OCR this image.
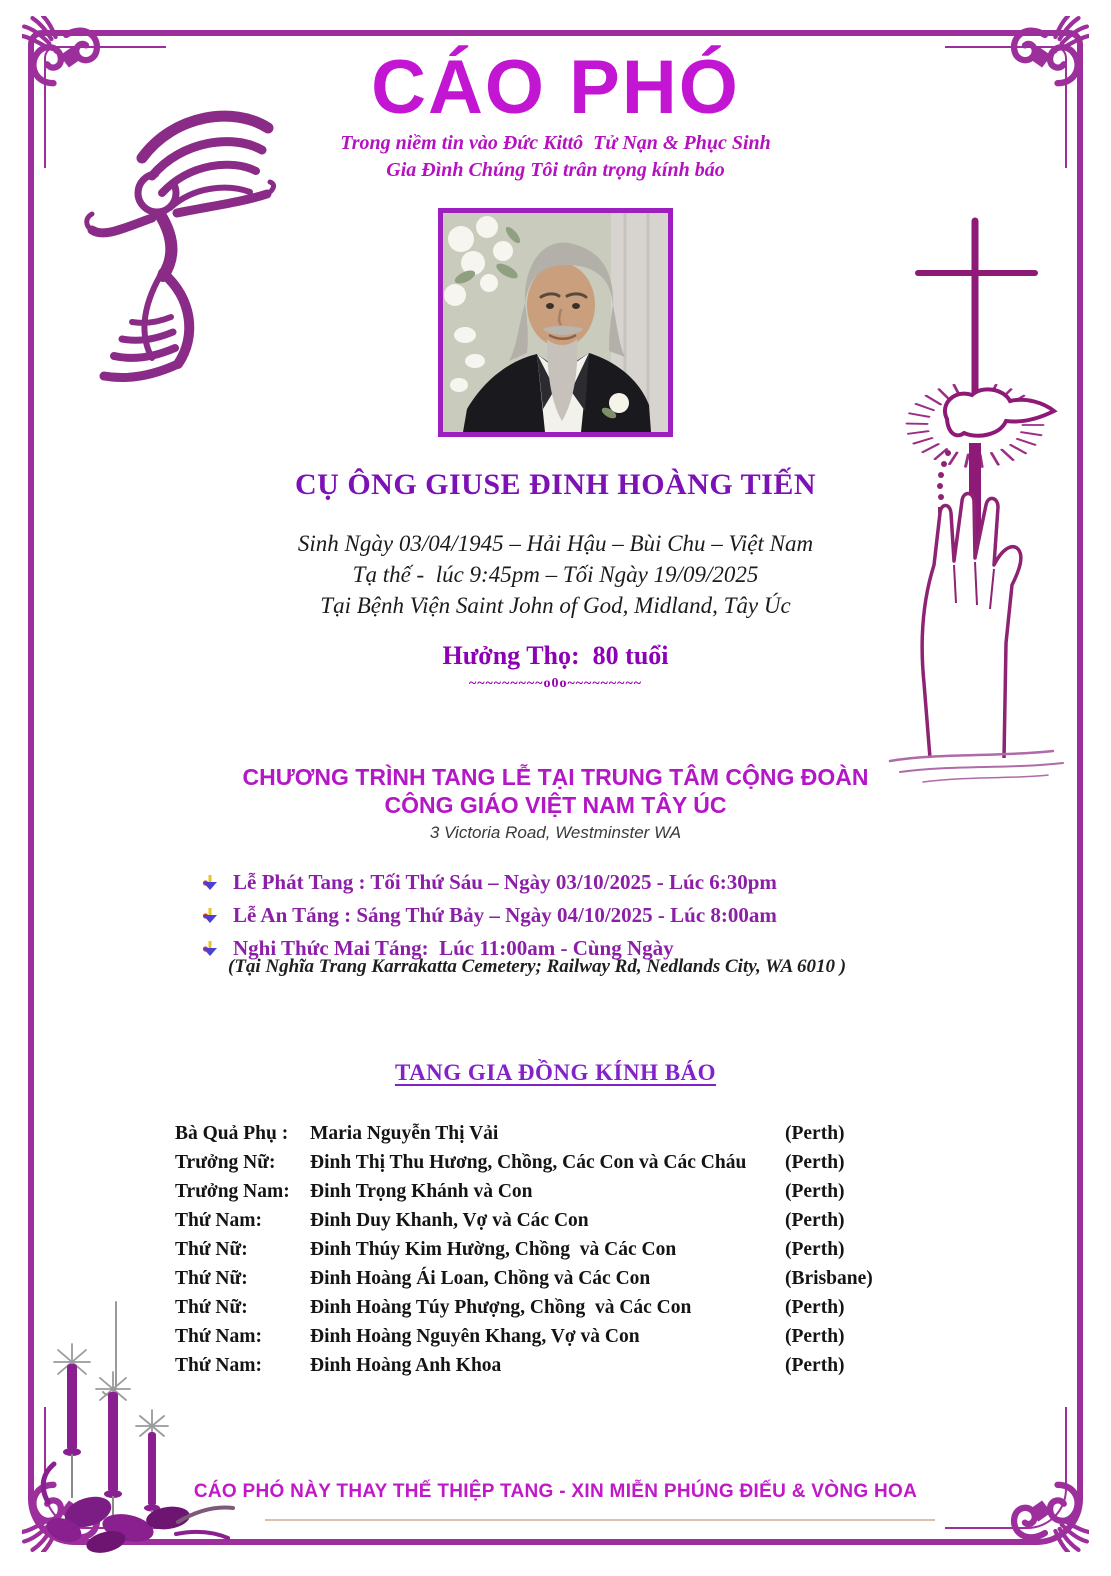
CÁO PHÓ
Trong niềm tin vào Đức Kittô  Tử Nạn & Phục Sinh
Gia Đình Chúng Tôi trân trọng kính báo
CỤ ÔNG GIUSE ĐINH HOÀNG TIẾN
Sinh Ngày 03/04/1945 – Hải Hậu – Bùi Chu – Việt Nam
Tạ thế -  lúc 9:45pm – Tối Ngày 19/09/2025
Tại Bệnh Viện Saint John of God, Midland, Tây Úc
Hưởng Thọ:  80 tuổi
~~~~~~~~~o0o~~~~~~~~~
CHƯƠNG TRÌNH TANG LỄ TẠI TRUNG TÂM CỘNG ĐOÀN
CÔNG GIÁO VIỆT NAM TÂY ÚC
3 Victoria Road, Westminster WA
Lễ Phát Tang : Tối Thứ Sáu – Ngày 03/10/2025 - Lúc 6:30pm
Lễ An Táng : Sáng Thứ Bảy – Ngày 04/10/2025 - Lúc 8:00am
Nghi Thức Mai Táng:  Lúc 11:00am - Cùng Ngày
(Tại Nghĩa Trang Karrakatta Cemetery; Railway Rd, Nedlands City, WA 6010 )
TANG GIA ĐỒNG KÍNH BÁO
Bà Quả Phụ :	Maria Nguyễn Thị Vải	(Perth)
Trưởng Nữ:	Đinh Thị Thu Hương, Chồng, Các Con và Các Cháu	(Perth)
Trưởng Nam:	Đinh Trọng Khánh và Con	(Perth)
Thứ Nam:	Đinh Duy Khanh, Vợ và Các Con	(Perth)
Thứ Nữ:	Đinh Thúy Kim Hường, Chồng  và Các Con	(Perth)
Thứ Nữ:	Đinh Hoàng Ái Loan, Chồng và Các Con	(Brisbane)
Thứ Nữ:	Đinh Hoàng Túy Phượng, Chồng  và Các Con	(Perth)
Thứ Nam:	Đinh Hoàng Nguyên Khang, Vợ và Con	(Perth)
Thứ Nam:	Đinh Hoàng Anh Khoa	(Perth)
CÁO PHÓ NÀY THAY THẾ THIỆP TANG - XIN MIỄN PHÚNG ĐIẾU & VÒNG HOA
